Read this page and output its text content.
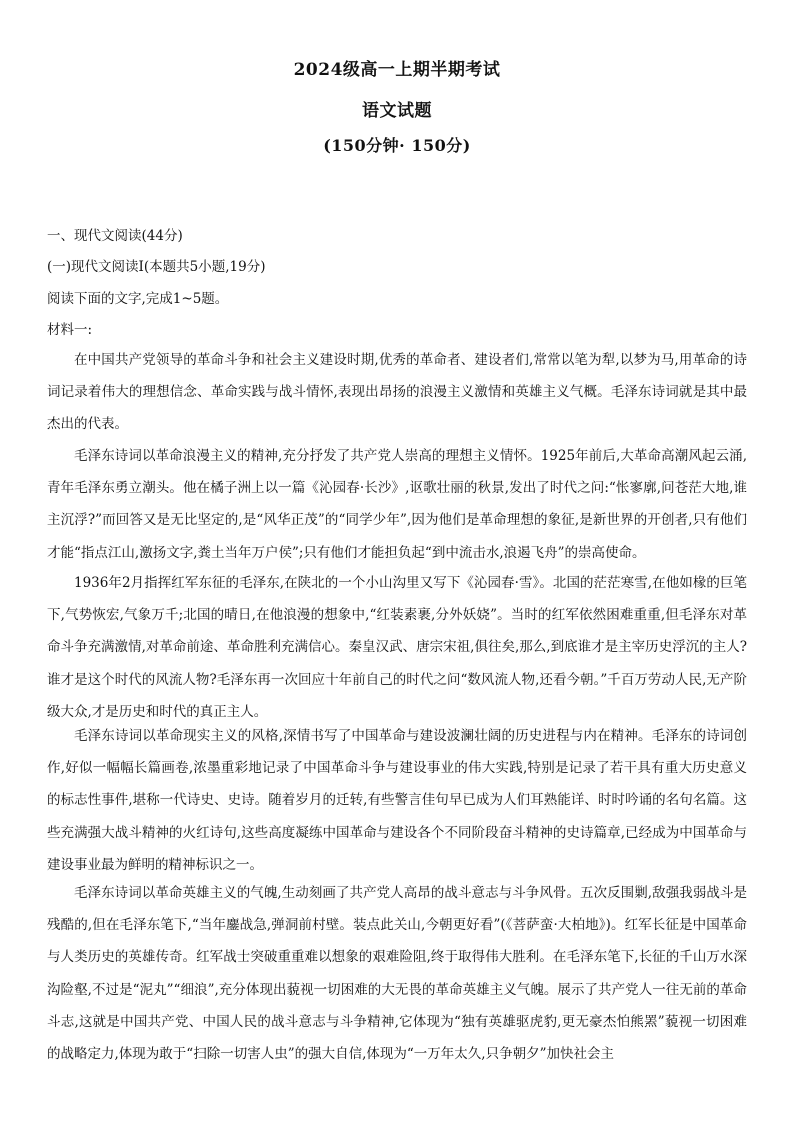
2024级高一上期半期考试
语文试题
(150分钟· 150分)
一、现代文阅读(44分)
(一)现代文阅读Ⅰ(本题共5小题,19分)
阅读下面的文字,完成1~5题。
材料一:

在中国共产党领导的革命斗争和社会主义建设时期,优秀的革命者、建设者们,常常以笔为犁,以梦为马,用革命的诗词记录着伟大的理想信念、革命实践与战斗情怀,表现出昂扬的浪漫主义激情和英雄主义气概。毛泽东诗词就是其中最杰出的代表。

毛泽东诗词以革命浪漫主义的精神,充分抒发了共产党人崇高的理想主义情怀。1925年前后,大革命高潮风起云涌,青年毛泽东勇立潮头。他在橘子洲上以一篇《沁园春·长沙》,讴歌壮丽的秋景,发出了时代之问:“怅寥廓,问苍茫大地,谁主沉浮?”而回答又是无比坚定的,是“风华正茂”的“同学少年”,因为他们是革命理想的象征,是新世界的开创者,只有他们才能“指点江山,激扬文字,粪土当年万户侯”;只有他们才能担负起“到中流击水,浪遏飞舟”的崇高使命。

1936年2月指挥红军东征的毛泽东,在陕北的一个小山沟里又写下《沁园春·雪》。北国的茫茫寒雪,在他如椽的巨笔下,气势恢宏,气象万千;北国的晴日,在他浪漫的想象中,“红装素裹,分外妖娆”。当时的红军依然困难重重,但毛泽东对革命斗争充满激情,对革命前途、革命胜利充满信心。秦皇汉武、唐宗宋祖,俱往矣,那么,到底谁才是主宰历史浮沉的主人?谁才是这个时代的风流人物?毛泽东再一次回应十年前自己的时代之问“数风流人物,还看今朝。”千百万劳动人民,无产阶级大众,才是历史和时代的真正主人。

毛泽东诗词以革命现实主义的风格,深情书写了中国革命与建设波澜壮阔的历史进程与内在精神。毛泽东的诗词创作,好似一幅幅长篇画卷,浓墨重彩地记录了中国革命斗争与建设事业的伟大实践,特别是记录了若干具有重大历史意义的标志性事件,堪称一代诗史、史诗。随着岁月的迁转,有些警言佳句早已成为人们耳熟能详、时时吟诵的名句名篇。这些充满强大战斗精神的火红诗句,这些高度凝练中国革命与建设各个不同阶段奋斗精神的史诗篇章,已经成为中国革命与建设事业最为鲜明的精神标识之一。

毛泽东诗词以革命英雄主义的气魄,生动刻画了共产党人高昂的战斗意志与斗争风骨。五次反围剿,敌强我弱战斗是残酷的,但在毛泽东笔下,“当年鏖战急,弹洞前村壁。装点此关山,今朝更好看”(《菩萨蛮·大柏地》)。红军长征是中国革命与人类历史的英雄传奇。红军战士突破重重难以想象的艰难险阻,终于取得伟大胜利。在毛泽东笔下,长征的千山万水深沟险壑,不过是“泥丸”“细浪”,充分体现出藐视一切困难的大无畏的革命英雄主义气魄。展示了共产党人一往无前的革命斗志,这就是中国共产党、中国人民的战斗意志与斗争精神,它体现为“独有英雄驱虎豹,更无豪杰怕熊罴”藐视一切困难的战略定力,体现为敢于“扫除一切害人虫”的强大自信,体现为“一万年太久,只争朝夕”加快社会主
